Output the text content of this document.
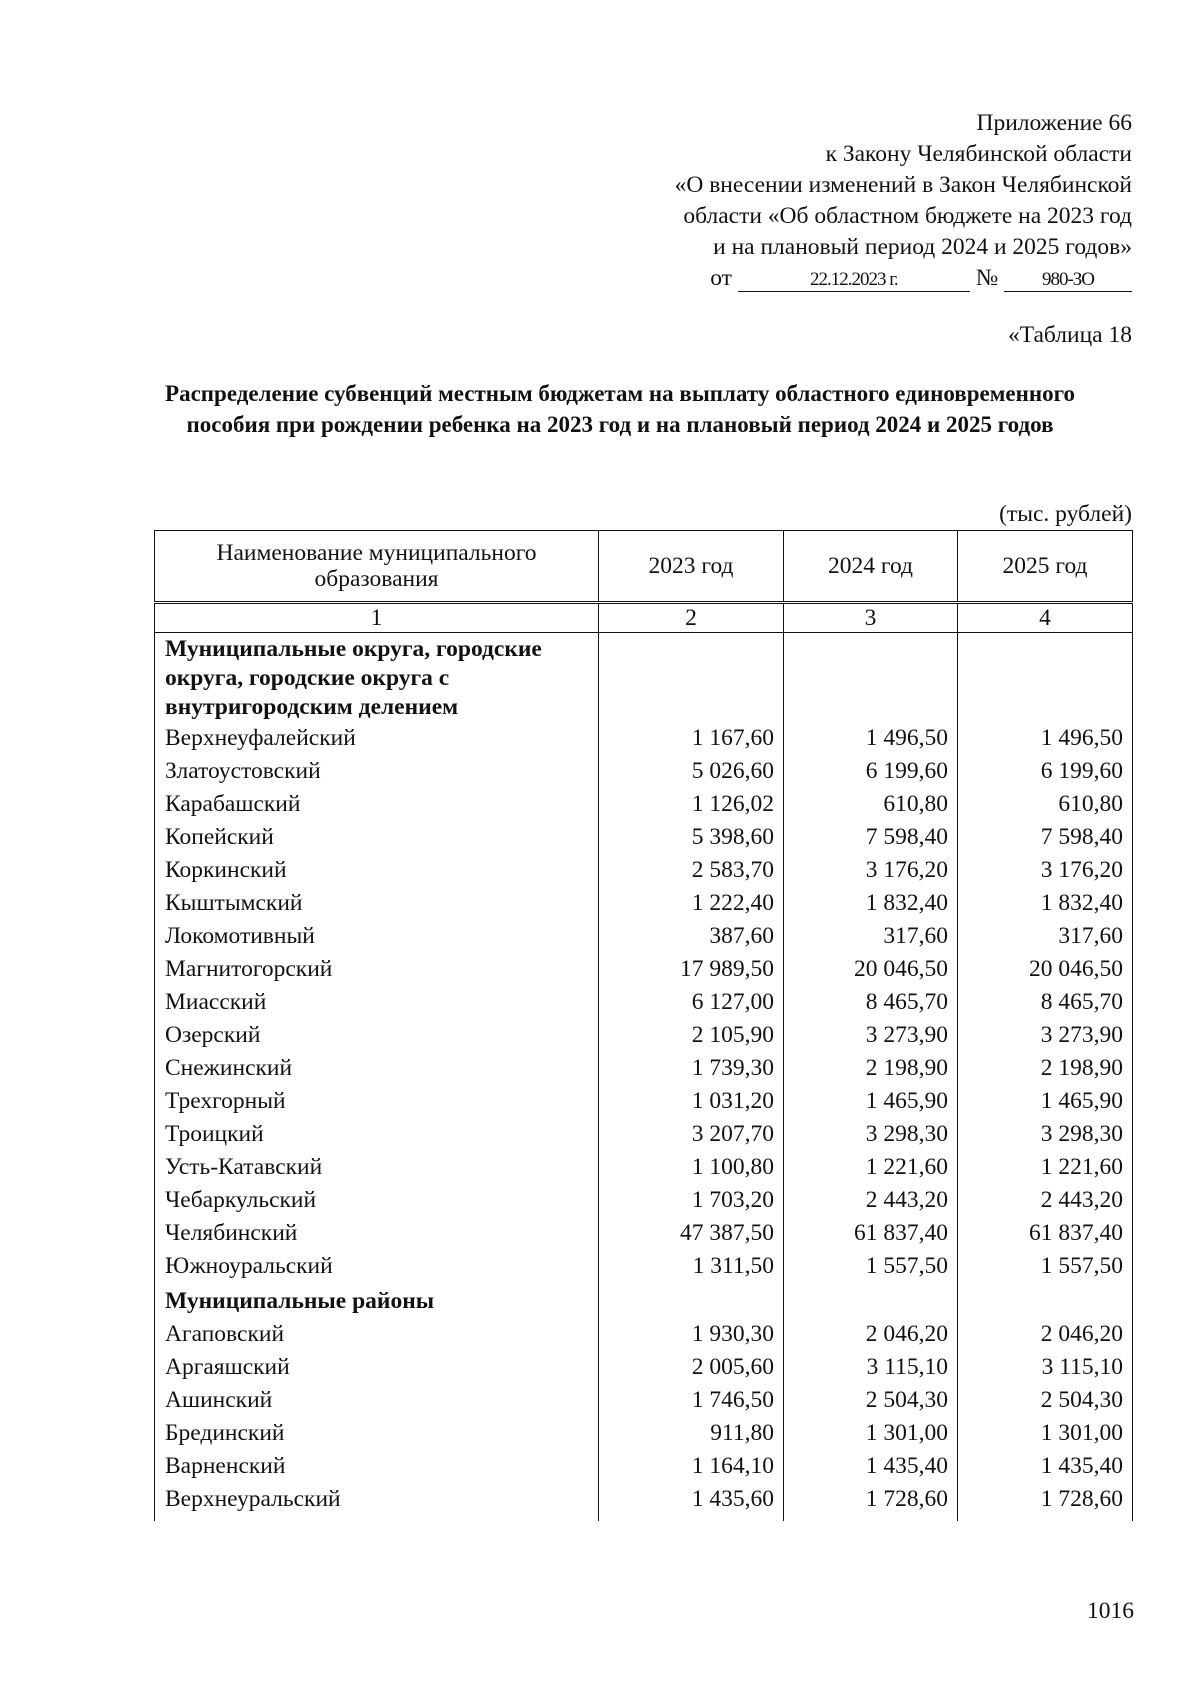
Приложение 66
к Закону Челябинской области
«О внесении изменений в Закон Челябинской
области «Об областном бюджете на 2023 год
и на плановый период 2024 и 2025 годов»
от	22.12.2023 г.	№ 980-ЗО
«Таблица 18
Распределение субвенций местным бюджетам на выплату областного единовременного пособия при рождении ребенка на 2023 год и на плановый период 2024 и 2025 годов
(тыс. рублей)
Наименование муниципального образования	2023 год	2024 год	2025 год
1	2	3	4
Муниципальные округа, городские округа, городские округа с внутригородским делением			
Верхнеуфалейский	1 167,60	1 496,50	1 496,50
Златоустовский	5 026,60	6 199,60	6 199,60
Карабашский	1 126,02	610,80	610,80
Копейский	5 398,60	7 598,40	7 598,40
Коркинский	2 583,70	3 176,20	3 176,20
Кыштымский	1 222,40	1 832,40	1 832,40
Локомотивный	387,60	317,60	317,60
Магнитогорский	17 989,50	20 046,50	20 046,50
Миасский	6 127,00	8 465,70	8 465,70
Озерский	2 105,90	3 273,90	3 273,90
Снежинский	1 739,30	2 198,90	2 198,90
Трехгорный	1 031,20	1 465,90	1 465,90
Троицкий	3 207,70	3 298,30	3 298,30
Усть-Катавский	1 100,80	1 221,60	1 221,60
Чебаркульский	1 703,20	2 443,20	2 443,20
Челябинский	47 387,50	61 837,40	61 837,40
Южноуральский	1 311,50	1 557,50	1 557,50
Муниципальные районы			
Агаповский	1 930,30	2 046,20	2 046,20
Аргаяшский	2 005,60	3 115,10	3 115,10
Ашинский	1 746,50	2 504,30	2 504,30
Брединский	911,80	1 301,00	1 301,00
Варненский	1 164,10	1 435,40	1 435,40
Верхнеуральский	1 435,60	1 728,60	1 728,60
1016
